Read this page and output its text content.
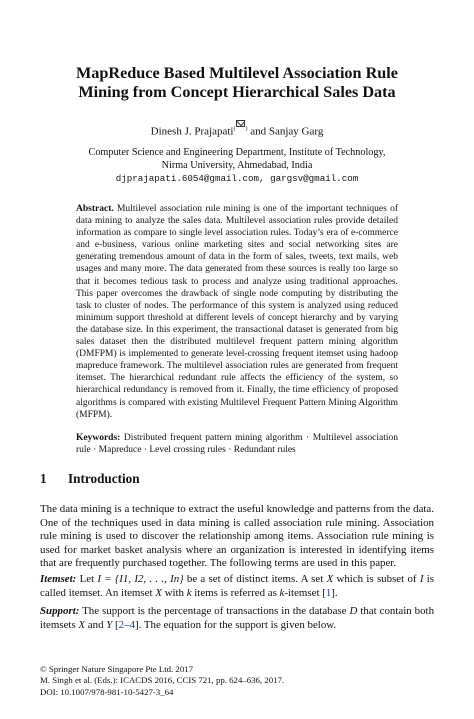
MapReduce Based Multilevel Association Rule
Mining from Concept Hierarchical Sales Data
Dinesh J. Prajapati( ) and Sanjay Garg
Computer Science and Engineering Department, Institute of Technology,
Nirma University, Ahmedabad, India
djprajapati.6054@gmail.com, gargsv@gmail.com

Abstract. Multilevel association rule mining is one of the important techniques of data mining to analyze the sales data. Multilevel association rules provide detailed information as compare to single level association rules. Today’s era of e-commerce and e-business, various online marketing sites and social networking sites are generating tremendous amount of data in the form of sales, tweets, text mails, web usages and many more. The data generated from these sources is really too large so that it becomes tedious task to process and analyze using traditional approaches. This paper overcomes the drawback of single node computing by distributing the task to cluster of nodes. The performance of this system is analyzed using reduced minimum support threshold at different levels of concept hierarchy and by varying the database size. In this experiment, the transactional dataset is generated from big sales dataset then the distributed multilevel frequent pattern mining algorithm (DMFPM) is implemented to generate level-crossing frequent itemset using hadoop mapreduce framework. The multilevel association rules are generated from frequent itemset. The hierarchical redundant rule affects the efficiency of the system, so hierarchical redundancy is removed from it. Finally, the time efficiency of proposed algorithms is compared with existing Multilevel Frequent Pattern Mining Algorithm (MFPM).

Keywords: Distributed frequent pattern mining algorithm · Multilevel association rule · Mapreduce · Level crossing rules · Redundant rules

1 Introduction

The data mining is a technique to extract the useful knowledge and patterns from the data. One of the techniques used in data mining is called association rule mining. Association rule mining is used to discover the relationship among items. Association rule mining is used for market basket analysis where an organization is interested in identifying items that are frequently purchased together. The following terms are used in this paper.

Itemset: Let I = {I1, I2, . . ., In} be a set of distinct items. A set X which is subset of I is called itemset. An itemset X with k items is referred as k-itemset [1].

Support: The support is the percentage of transactions in the database D that contain both itemsets X and Y [2–4]. The equation for the support is given below.

© Springer Nature Singapore Pte Ltd. 2017
M. Singh et al. (Eds.): ICACDS 2016, CCIS 721, pp. 624–636, 2017.
DOI: 10.1007/978-981-10-5427-3_64
